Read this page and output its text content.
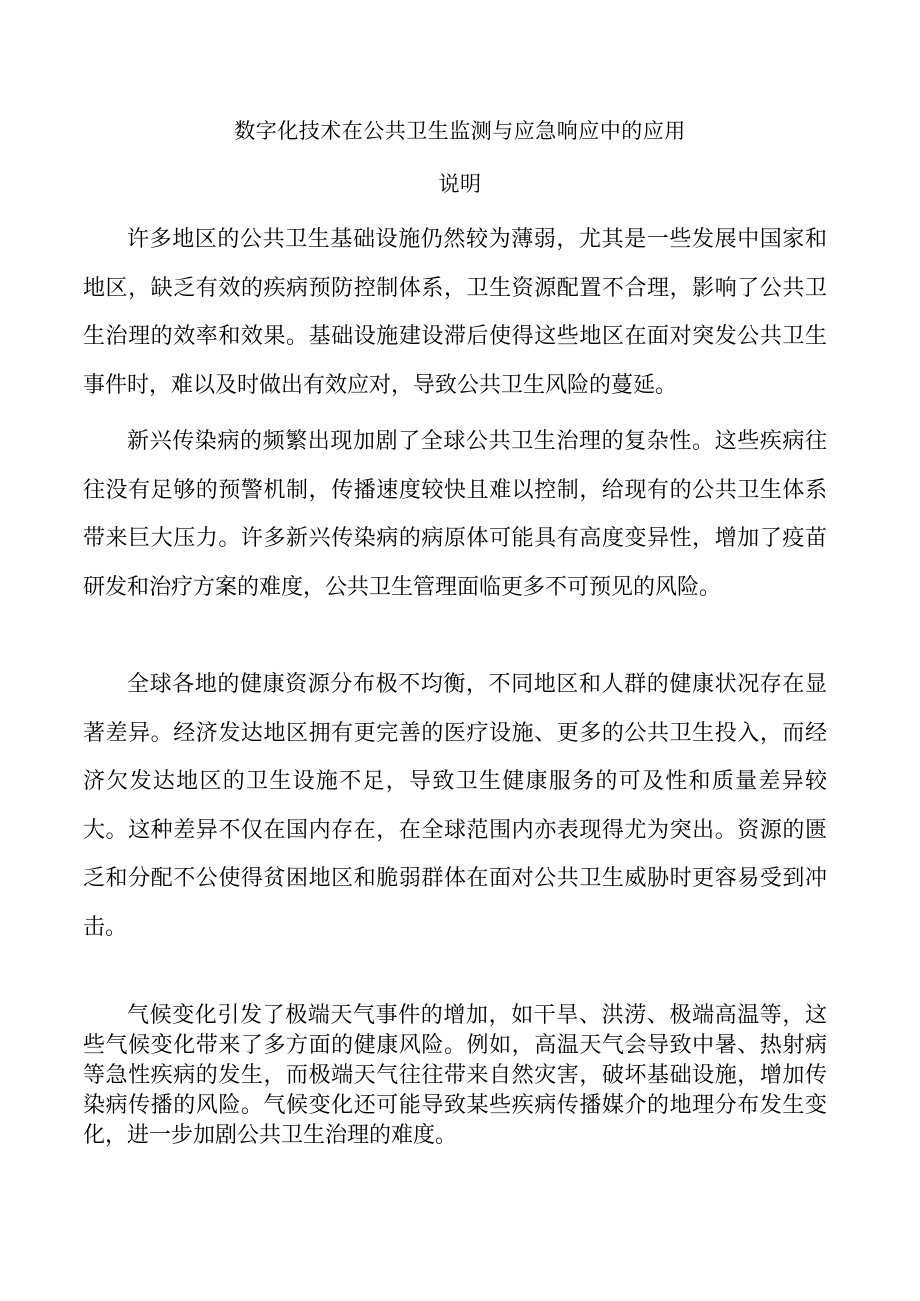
数字化技术在公共卫生监测与应急响应中的应用
说明

许多地区的公共卫生基础设施仍然较为薄弱，尤其是一些发展中国家和地区，缺乏有效的疾病预防控制体系，卫生资源配置不合理，影响了公共卫生治理的效率和效果。基础设施建设滞后使得这些地区在面对突发公共卫生事件时，难以及时做出有效应对，导致公共卫生风险的蔓延。

新兴传染病的频繁出现加剧了全球公共卫生治理的复杂性。这些疾病往往没有足够的预警机制，传播速度较快且难以控制，给现有的公共卫生体系带来巨大压力。许多新兴传染病的病原体可能具有高度变异性，增加了疫苗研发和治疗方案的难度，公共卫生管理面临更多不可预见的风险。

全球各地的健康资源分布极不均衡，不同地区和人群的健康状况存在显著差异。经济发达地区拥有更完善的医疗设施、更多的公共卫生投入，而经济欠发达地区的卫生设施不足，导致卫生健康服务的可及性和质量差异较大。这种差异不仅在国内存在，在全球范围内亦表现得尤为突出。资源的匮乏和分配不公使得贫困地区和脆弱群体在面对公共卫生威胁时更容易受到冲击。

气候变化引发了极端天气事件的增加，如干旱、洪涝、极端高温等，这些气候变化带来了多方面的健康风险。例如，高温天气会导致中暑、热射病等急性疾病的发生，而极端天气往往带来自然灾害，破坏基础设施，增加传染病传播的风险。气候变化还可能导致某些疾病传播媒介的地理分布发生变化，进一步加剧公共卫生治理的难度。
